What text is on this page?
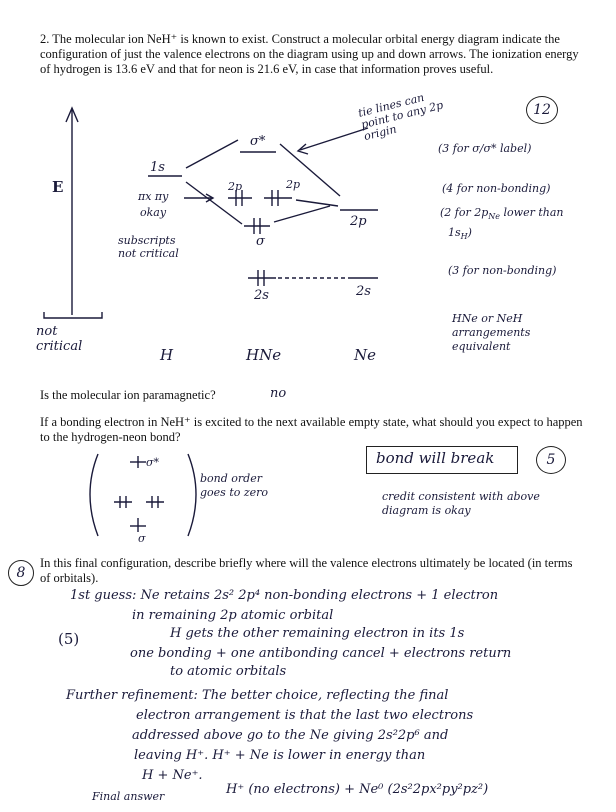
2. The molecular ion NeH⁺ is known to exist. Construct a molecular orbital energy diagram indicate the configuration of just the valence electrons on the diagram using up and down arrows. The ionization energy of hydrogen is 13.6 eV and that for neon is 21.6 eV, in case that information proves useful.
E
1s
σ*
πx πy
okay
2p	2p
2p
σ
2s	2s
subscripts not critical
not critical	H	HNe	Ne
tie lines can point to any 2p origin
12
(3 for σ/σ* label)
(4 for non-bonding)
(2 for $2p_{Ne}$ lower than
$1s_H$)
(3 for non-bonding)
HNe or NeH arrangements equivalent
Is the molecular ion paramagnetic?	no
If a bonding electron in NeH⁺ is excited to the next available empty state, what should you expect to happen to the hydrogen-neon bond?
σ*
σ
bond order goes to zero
bond will break	5
credit consistent with above diagram is okay
8
In this final configuration, describe briefly where will the valence electrons ultimately be located (in terms of orbitals).
(5)
1st guess: Ne retains 2s² 2p⁴ non-bonding electrons + 1 electron
in remaining 2p atomic orbital
H gets the other remaining electron in its 1s
one bonding + one antibonding cancel + electrons return
to atomic orbitals
Further refinement: The better choice, reflecting the final
electron arrangement is that the last two electrons
addressed above go to the Ne giving 2s²2p⁶ and
leaving H⁺. H⁺ + Ne is lower in energy than
H + Ne⁺.
Final answer	H⁺ (no electrons) + Ne⁰ (2s²2px²py²pz²)
